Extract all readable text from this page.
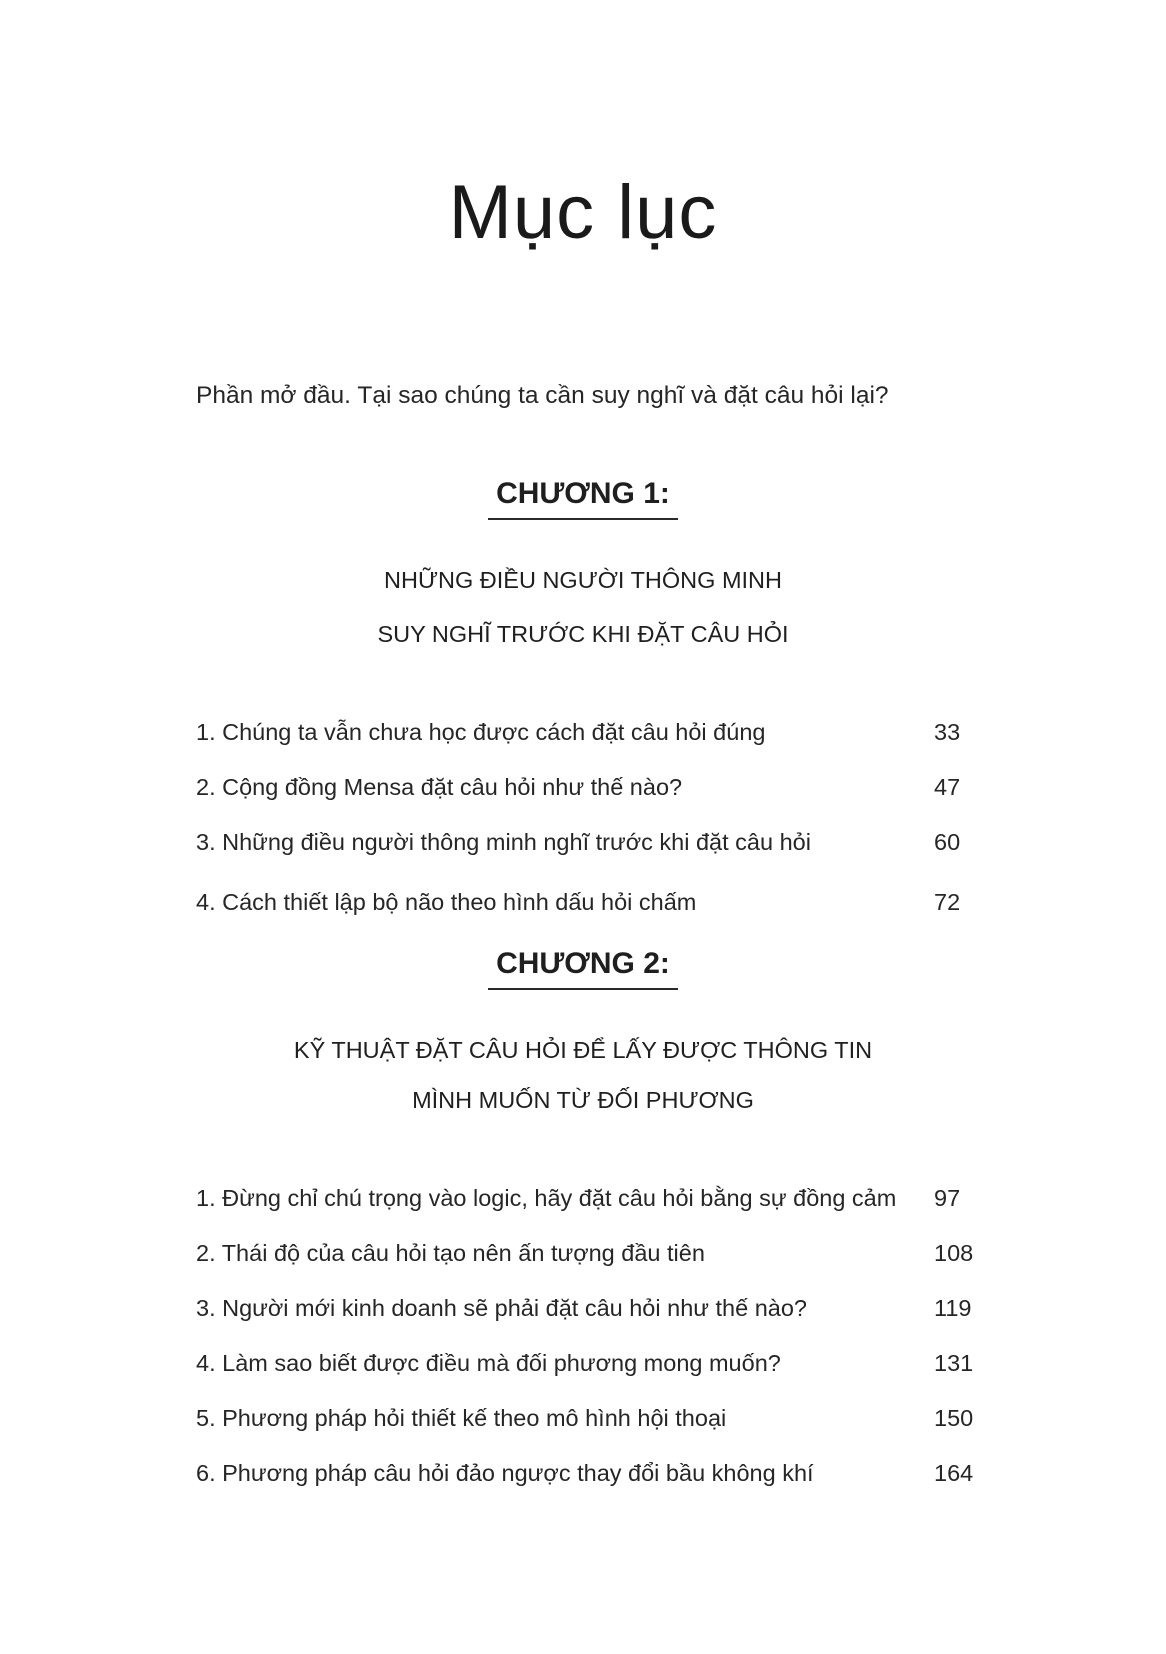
Mục lục
Phần mở đầu. Tại sao chúng ta cần suy nghĩ và đặt câu hỏi lại?
CHƯƠNG 1:
NHỮNG ĐIỀU NGƯỜI THÔNG MINH
SUY NGHĨ TRƯỚC KHI ĐẶT CÂU HỎI
1. Chúng ta vẫn chưa học được cách đặt câu hỏi đúng	33
2. Cộng đồng Mensa đặt câu hỏi như thế nào?	47
3. Những điều người thông minh nghĩ trước khi đặt câu hỏi	60
4. Cách thiết lập bộ não theo hình dấu hỏi chấm	72
CHƯƠNG 2:
KỸ THUẬT ĐẶT CÂU HỎI ĐỂ LẤY ĐƯỢC THÔNG TIN
MÌNH MUỐN TỪ ĐỐI PHƯƠNG
1. Đừng chỉ chú trọng vào logic, hãy đặt câu hỏi bằng sự đồng cảm 97
2. Thái độ của câu hỏi tạo nên ấn tượng đầu tiên	108
3. Người mới kinh doanh sẽ phải đặt câu hỏi như thế nào?	119
4. Làm sao biết được điều mà đối phương mong muốn?	131
5. Phương pháp hỏi thiết kế theo mô hình hội thoại	150
6. Phương pháp câu hỏi đảo ngược thay đổi bầu không khí	164
